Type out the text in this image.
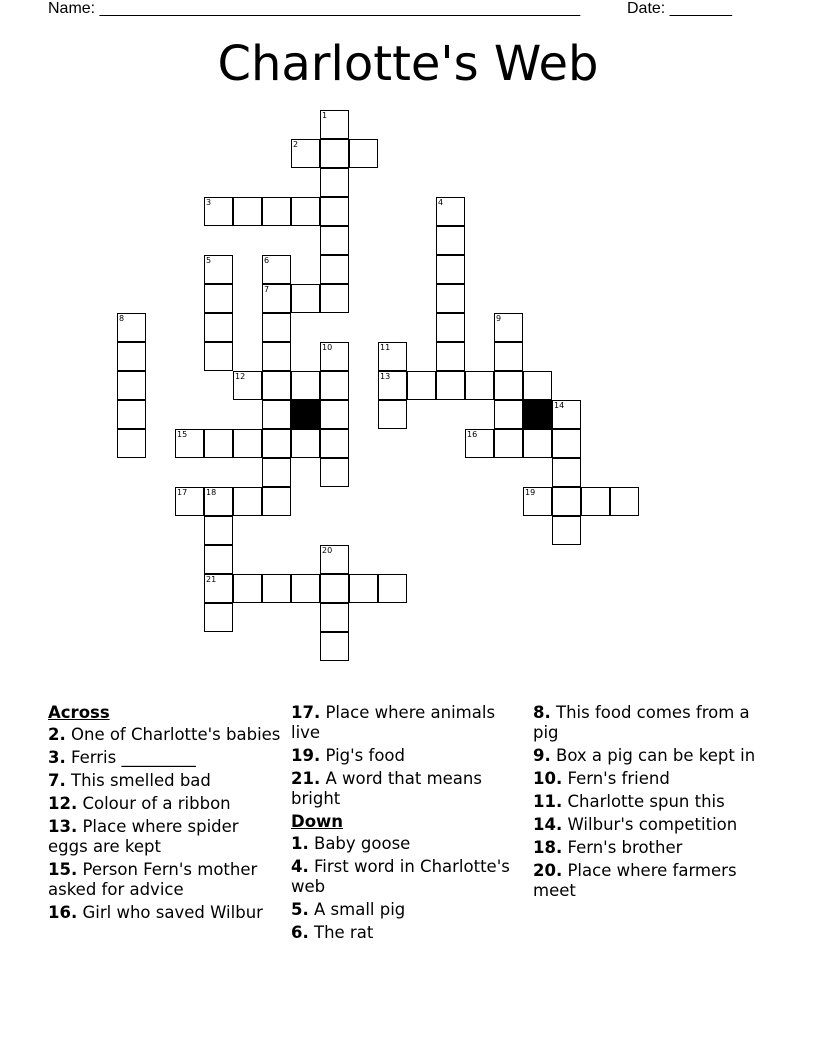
Name: ______________________________________________________	Date: _______
Charlotte's Web
1
2
3	4
5	6
7
8	9
10	11
12	13
14
15	16
17 18	19
20
21
Across
2. One of Charlotte's babies
3. Ferris _________
7. This smelled bad
12. Colour of a ribbon
13. Place where spider eggs are kept
15. Person Fern's mother asked for advice
16. Girl who saved Wilbur
17. Place where animals live
19. Pig's food
21. A word that means bright
Down
1. Baby goose
4. First word in Charlotte's web
5. A small pig
6. The rat
8. This food comes from a pig
9. Box a pig can be kept in
10. Fern's friend
11. Charlotte spun this
14. Wilbur's competition
18. Fern's brother
20. Place where farmers meet
